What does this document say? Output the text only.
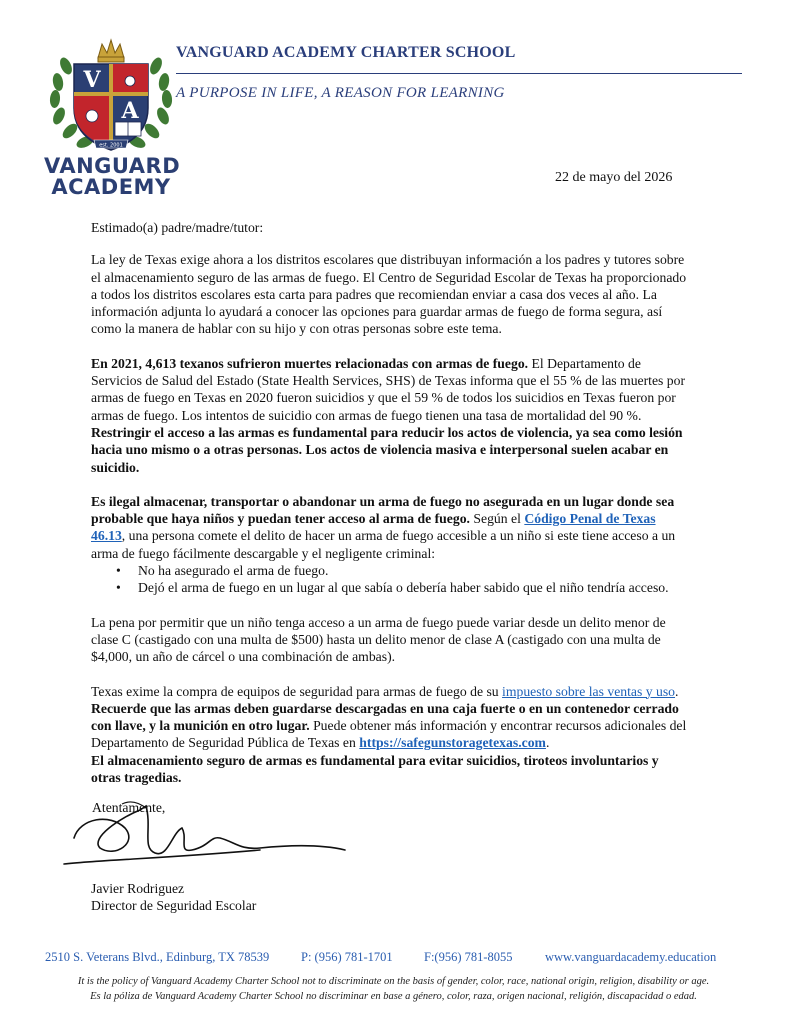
est. 2001
V
A
VANGUARD
ACADEMY
VANGUARD ACADEMY CHARTER SCHOOL
A PURPOSE IN LIFE, A REASON FOR LEARNING
22 de mayo del 2026

Estimado(a) padre/madre/tutor:

La ley de Texas exige ahora a los distritos escolares que distribuyan información a los padres y tutores sobre el almacenamiento seguro de las armas de fuego. El Centro de Seguridad Escolar de Texas ha proporcionado a todos los distritos escolares esta carta para padres que recomiendan enviar a casa dos veces al año. La información adjunta lo ayudará a conocer las opciones para guardar armas de fuego de forma segura, así como la manera de hablar con su hijo y con otras personas sobre este tema.

En 2021, 4,613 texanos sufrieron muertes relacionadas con armas de fuego. El Departamento de Servicios de Salud del Estado (State Health Services, SHS) de Texas informa que el 55 % de las muertes por armas de fuego en Texas en 2020 fueron suicidios y que el 59 % de todos los suicidios en Texas fueron por armas de fuego. Los intentos de suicidio con armas de fuego tienen una tasa de mortalidad del 90 %. Restringir el acceso a las armas es fundamental para reducir los actos de violencia, ya sea como lesión hacia uno mismo o a otras personas. Los actos de violencia masiva e interpersonal suelen acabar en suicidio.

Es ilegal almacenar, transportar o abandonar un arma de fuego no asegurada en un lugar donde sea probable que haya niños y puedan tener acceso al arma de fuego. Según el Código Penal de Texas 46.13, una persona comete el delito de hacer un arma de fuego accesible a un niño si este tiene acceso a un arma de fuego fácilmente descargable y el negligente criminal:

• No ha asegurado el arma de fuego.
• Dejó el arma de fuego en un lugar al que sabía o debería haber sabido que el niño tendría acceso.

La pena por permitir que un niño tenga acceso a un arma de fuego puede variar desde un delito menor de clase C (castigado con una multa de $500) hasta un delito menor de clase A (castigado con una multa de $4,000, un año de cárcel o una combinación de ambas).

Texas exime la compra de equipos de seguridad para armas de fuego de su impuesto sobre las ventas y uso. Recuerde que las armas deben guardarse descargadas en una caja fuerte o en un contenedor cerrado con llave, y la munición en otro lugar. Puede obtener más información y encontrar recursos adicionales del Departamento de Seguridad Pública de Texas en https://safegunstoragetexas.com.
El almacenamiento seguro de armas es fundamental para evitar suicidios, tiroteos involuntarios y otras tragedias.

Atentamente,
Javier Rodriguez
Director de Seguridad Escolar
2510 S. Veterans Blvd., Edinburg, TX 78539	P: (956) 781-1701	F:(956) 781-8055	www.vanguardacademy.education
It is the policy of Vanguard Academy Charter School not to discriminate on the basis of gender, color, race, national origin, religion, disability or age.
Es la póliza de Vanguard Academy Charter School no discriminar en base a género, color, raza, origen nacional, religión, discapacidad o edad.
